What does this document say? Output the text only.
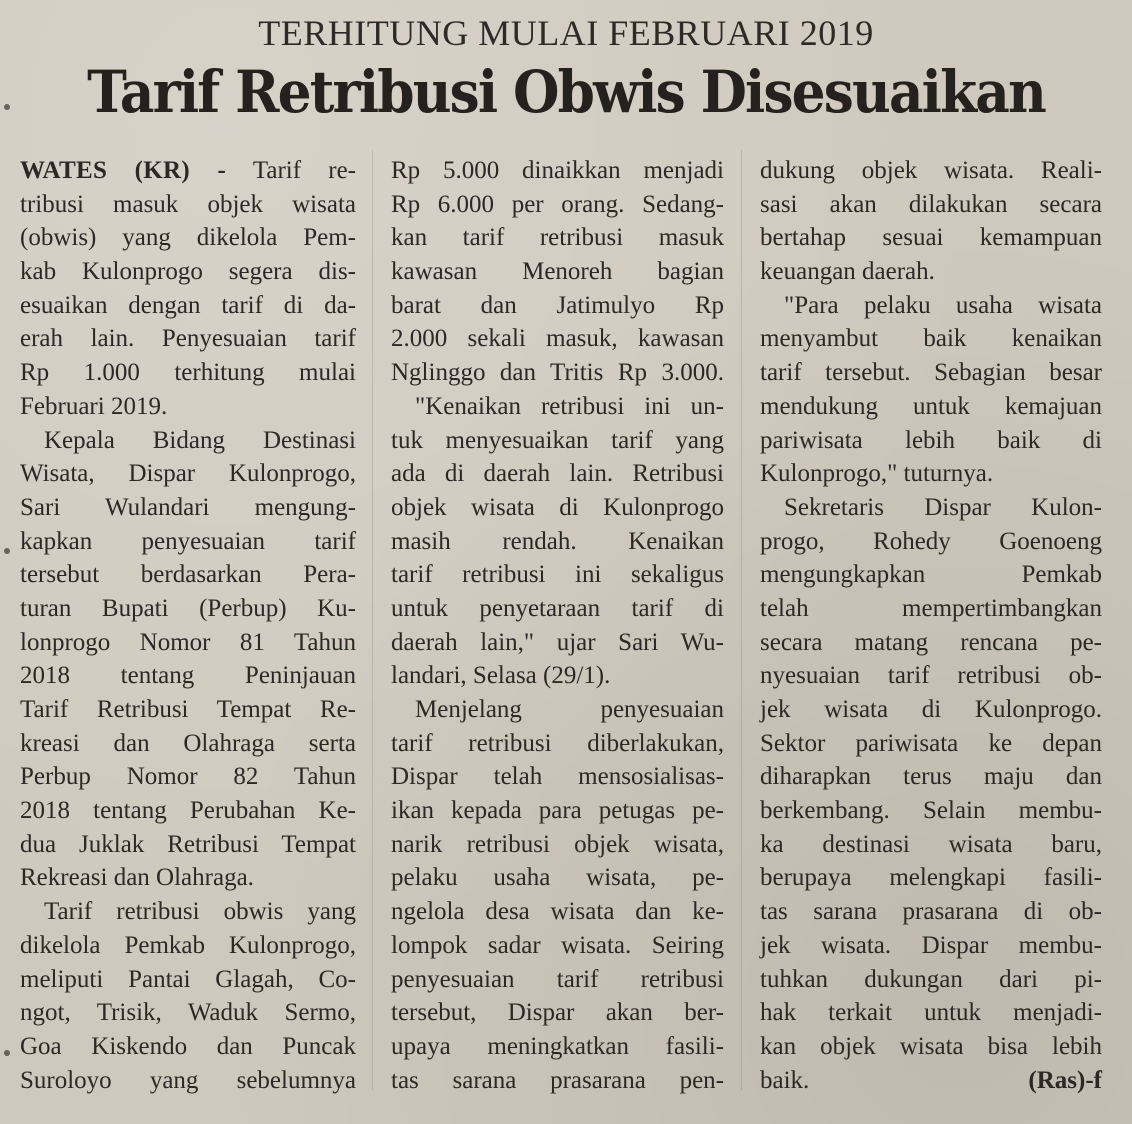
TERHITUNG MULAI FEBRUARI 2019
Tarif Retribusi Obwis Disesuaikan
WATES (KR) - Tarif re-
tribusi masuk objek wisata
(obwis) yang dikelola Pem-
kab Kulonprogo segera dis-
esuaikan dengan tarif di da-
erah lain. Penyesuaian tarif
Rp 1.000 terhitung mulai
Februari 2019.
Kepala Bidang Destinasi
Wisata, Dispar Kulonprogo,
Sari Wulandari mengung-
kapkan penyesuaian tarif
tersebut berdasarkan Pera-
turan Bupati (Perbup) Ku-
lonprogo Nomor 81 Tahun
2018 tentang Peninjauan
Tarif Retribusi Tempat Re-
kreasi dan Olahraga serta
Perbup Nomor 82 Tahun
2018 tentang Perubahan Ke-
dua Juklak Retribusi Tempat
Rekreasi dan Olahraga.
Tarif retribusi obwis yang
dikelola Pemkab Kulonprogo,
meliputi Pantai Glagah, Co-
ngot, Trisik, Waduk Sermo,
Goa Kiskendo dan Puncak
Suroloyo yang sebelumnya
Rp 5.000 dinaikkan menjadi
Rp 6.000 per orang. Sedang-
kan tarif retribusi masuk
kawasan Menoreh bagian
barat dan Jatimulyo Rp
2.000 sekali masuk, kawasan
Nglinggo dan Tritis Rp 3.000.
"Kenaikan retribusi ini un-
tuk menyesuaikan tarif yang
ada di daerah lain. Retribusi
objek wisata di Kulonprogo
masih rendah. Kenaikan
tarif retribusi ini sekaligus
untuk penyetaraan tarif di
daerah lain," ujar Sari Wu-
landari, Selasa (29/1).
Menjelang penyesuaian
tarif retribusi diberlakukan,
Dispar telah mensosialisas-
ikan kepada para petugas pe-
narik retribusi objek wisata,
pelaku usaha wisata, pe-
ngelola desa wisata dan ke-
lompok sadar wisata. Seiring
penyesuaian tarif retribusi
tersebut, Dispar akan ber-
upaya meningkatkan fasili-
tas sarana prasarana pen-
dukung objek wisata. Reali-
sasi akan dilakukan secara
bertahap sesuai kemampuan
keuangan daerah.
"Para pelaku usaha wisata
menyambut baik kenaikan
tarif tersebut. Sebagian besar
mendukung untuk kemajuan
pariwisata lebih baik di
Kulonprogo," tuturnya.
Sekretaris Dispar Kulon-
progo, Rohedy Goenoeng
mengungkapkan Pemkab
telah mempertimbangkan
secara matang rencana pe-
nyesuaian tarif retribusi ob-
jek wisata di Kulonprogo.
Sektor pariwisata ke depan
diharapkan terus maju dan
berkembang. Selain membu-
ka destinasi wisata baru,
berupaya melengkapi fasili-
tas sarana prasarana di ob-
jek wisata. Dispar membu-
tuhkan dukungan dari pi-
hak terkait untuk menjadi-
kan objek wisata bisa lebih
baik.	(Ras)-f
